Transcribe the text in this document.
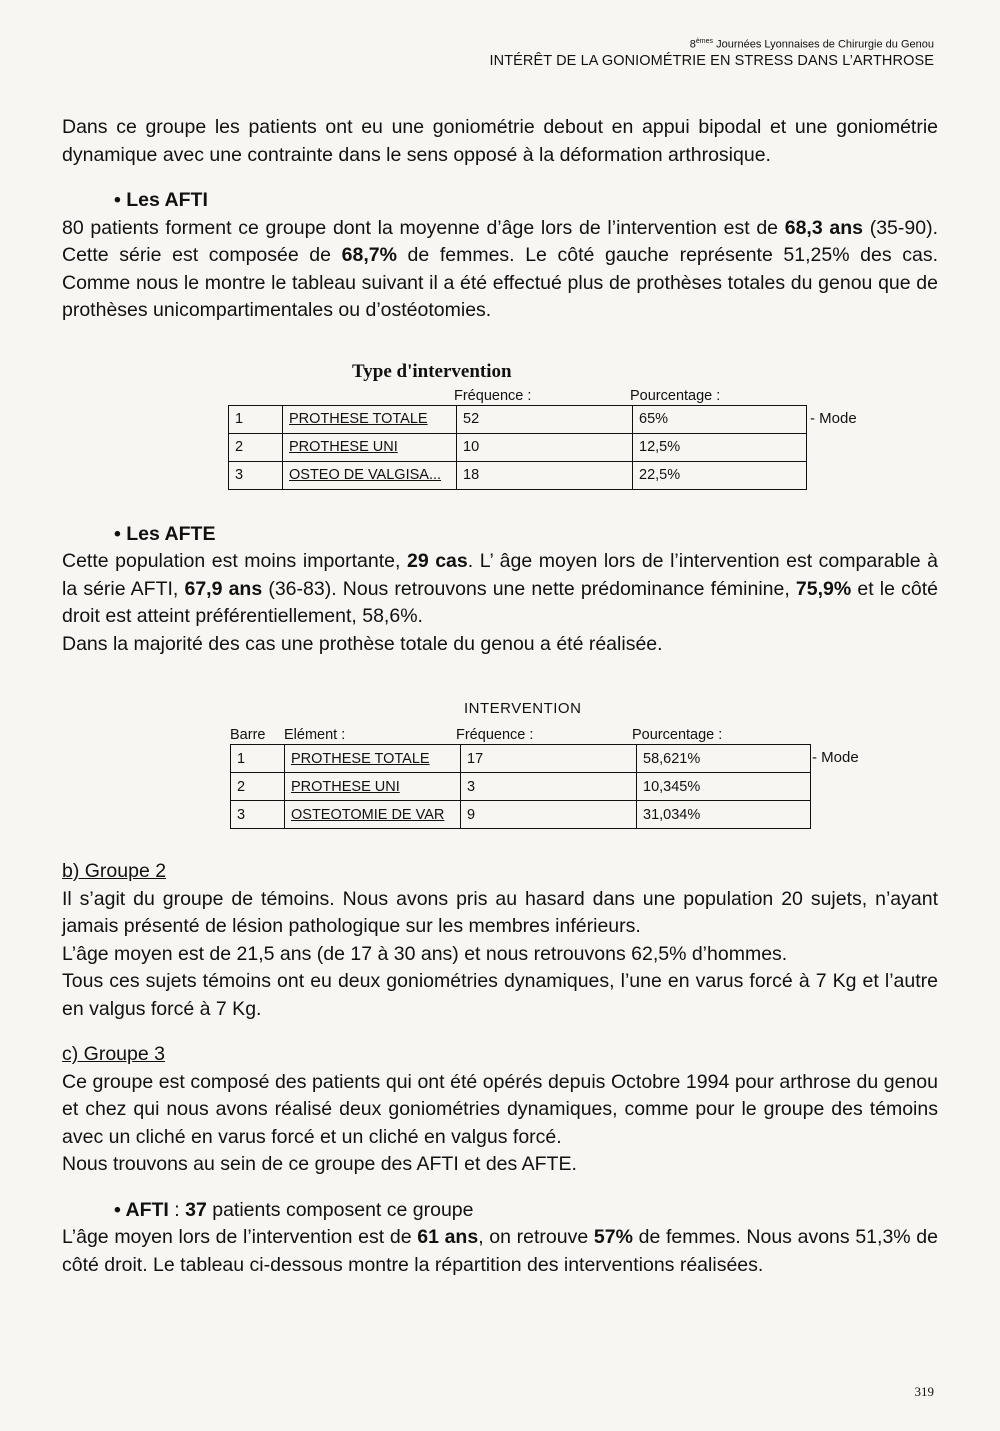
8èmes Journées Lyonnaises de Chirurgie du Genou
INTÉRÊT DE LA GONIOMÉTRIE EN STRESS DANS L’ARTHROSE

Dans ce groupe les patients ont eu une goniométrie debout en appui bipodal et une goniométrie dynamique avec une contrainte dans le sens opposé à la déformation arthrosique.

• Les AFTI

80 patients forment ce groupe dont la moyenne d’âge lors de l’intervention est de 68,3 ans (35-90). Cette série est composée de 68,7% de femmes. Le côté gauche représente 51,25% des cas. Comme nous le montre le tableau suivant il a été effectué plus de prothèses totales du genou que de prothèses unicompartimentales ou d’ostéotomies.

Type d'intervention
Fréquence :	Pourcentage :
1	PROTHESE TOTALE	52	65%
2	PROTHESE UNI	10	12,5%
3	OSTEO DE VALGISA...	18	22,5%
- Mode

• Les AFTE

Cette population est moins importante, 29 cas. L’ âge moyen lors de l’intervention est comparable à la série AFTI, 67,9 ans (36-83). Nous retrouvons une nette prédominance féminine, 75,9% et le côté droit est atteint préférentiellement, 58,6%.

Dans la majorité des cas une prothèse totale du genou a été réalisée.

INTERVENTION
Barre Elément :	Fréquence :	Pourcentage :
1	PROTHESE TOTALE	17	58,621%
2	PROTHESE UNI	3	10,345%
3	OSTEOTOMIE DE VAR	9	31,034%
- Mode

b) Groupe 2

Il s’agit du groupe de témoins. Nous avons pris au hasard dans une population 20 sujets, n’ayant jamais présenté de lésion pathologique sur les membres inférieurs.

L’âge moyen est de 21,5 ans (de 17 à 30 ans) et nous retrouvons 62,5% d’hommes.

Tous ces sujets témoins ont eu deux goniométries dynamiques, l’une en varus forcé à 7 Kg et l’autre en valgus forcé à 7 Kg.

c) Groupe 3

Ce groupe est composé des patients qui ont été opérés depuis Octobre 1994 pour arthrose du genou et chez qui nous avons réalisé deux goniométries dynamiques, comme pour le groupe des témoins avec un cliché en varus forcé et un cliché en valgus forcé.

Nous trouvons au sein de ce groupe des AFTI et des AFTE.

• AFTI : 37 patients composent ce groupe

L’âge moyen lors de l’intervention est de 61 ans, on retrouve 57% de femmes. Nous avons 51,3% de côté droit. Le tableau ci-dessous montre la répartition des interventions réalisées.

319
